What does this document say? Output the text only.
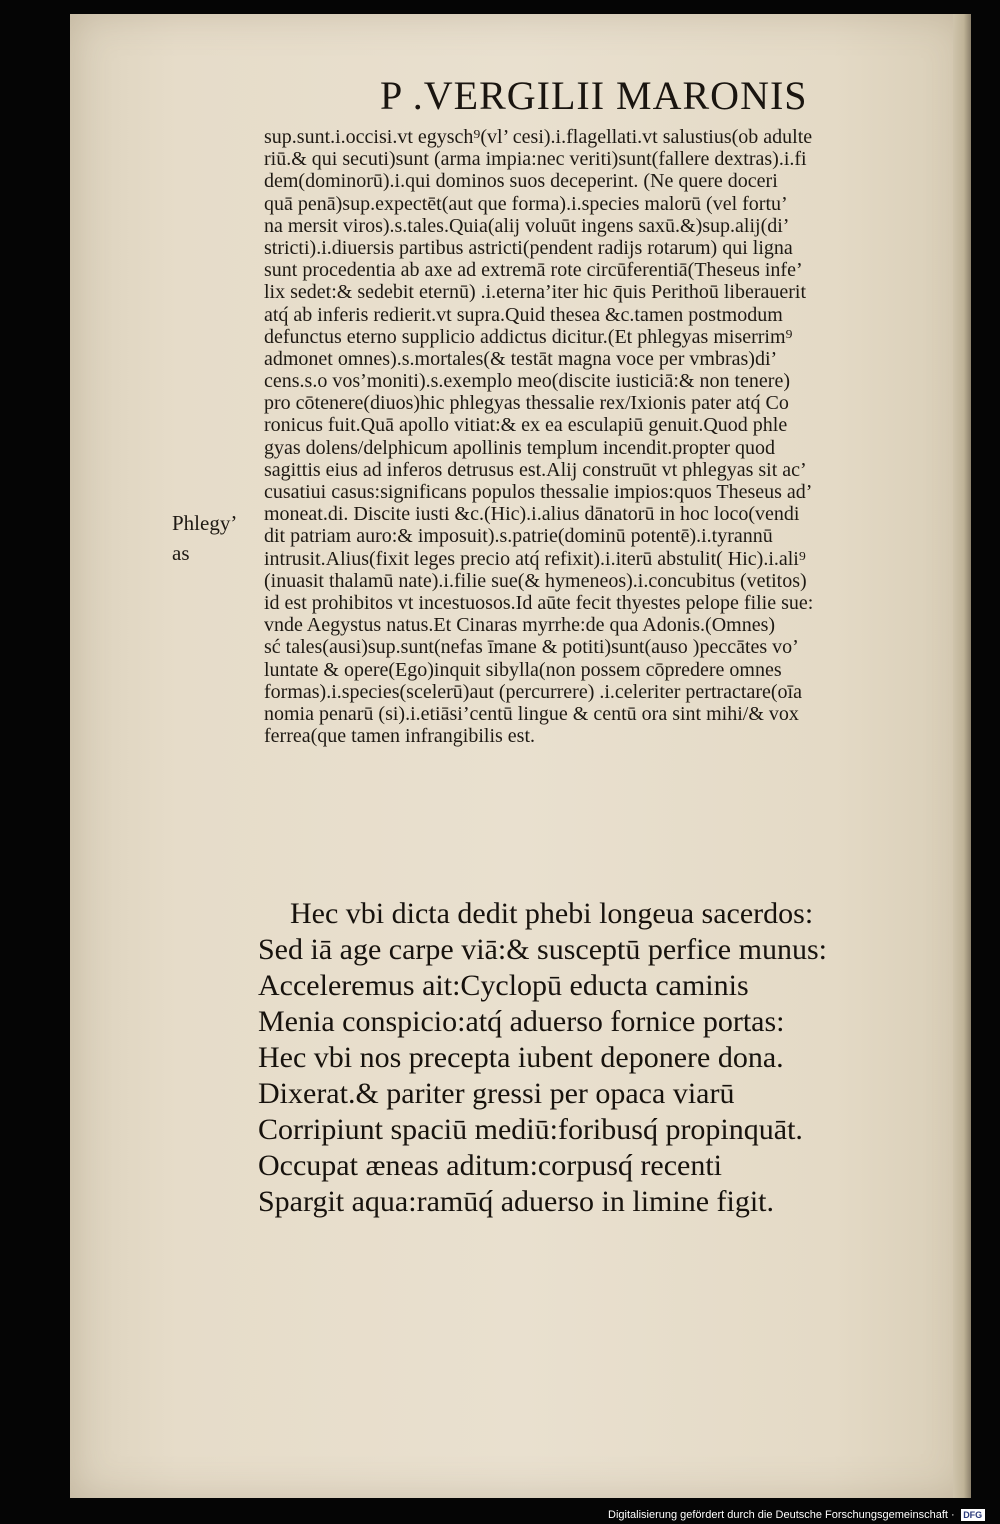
P .VERGILII MARONIS
Phlegy’
as
sup.sunt.i.occisi.vt egysch⁹(vl’ cesi).i.flagellati.vt salustius(ob adulte
riū.& qui secuti)sunt (arma impia:nec veriti)sunt(fallere dextras).i.fi
dem(dominorū).i.qui dominos suos deceperint. (Ne quere doceri
quā penā)sup.expectēt(aut que forma).i.species malorū (vel fortu’
na mersit viros).s.tales.Quia(alij voluūt ingens saxū.&)sup.alij(di’
stricti).i.diuersis partibus astricti(pendent radijs rotarum) qui ligna
sunt procedentia ab axe ad extremā rote circūferentiā(Theseus infe’
lix sedet:& sedebit eternū) .i.eterna’iter hic q̄uis Perithoū liberauerit
atq́ ab inferis redierit.vt supra.Quid thesea &c.tamen postmodum
defunctus eterno supplicio addictus dicitur.(Et phlegyas miserrim⁹
admonet omnes).s.mortales(& testāt magna voce per vmbras)di’
cens.s.o vos’moniti).s.exemplo meo(discite iusticiā:& non tenere)
pro cōtenere(diuos)hic phlegyas thessalie rex/Ixionis pater atq́ Co
ronicus fuit.Quā apollo vitiat:& ex ea esculapiū genuit.Quod phle
gyas dolens/delphicum apollinis templum incendit.propter quod
sagittis eius ad inferos detrusus est.Alij construūt vt phlegyas sit ac’
cusatiui casus:significans populos thessalie impios:quos Theseus ad’
moneat.di. Discite iusti &c.(Hic).i.alius dānatorū in hoc loco(vendi
dit patriam auro:& imposuit).s.patrie(dominū potentē).i.tyrannū
intrusit.Alius(fixit leges precio atq́ refixit).i.iterū abstulit( Hic).i.ali⁹
(inuasit thalamū nate).i.filie sue(& hymeneos).i.concubitus (vetitos)
id est prohibitos vt incestuosos.Id aūte fecit thyestes pelope filie sue:
vnde Aegystus natus.Et Cinaras myrrhe:de qua Adonis.(Omnes)
sć tales(ausi)sup.sunt(nefas īmane & potiti)sunt(auso )peccātes vo’
luntate & opere(Ego)inquit sibylla(non possem cōpredere omnes
formas).i.species(scelerū)aut (percurrere) .i.celeriter pertractare(oīa
nomia penarū (si).i.etiāsi’centū lingue & centū ora sint mihi/& vox
ferrea(que tamen infrangibilis est.
Hec vbi dicta dedit phebi longeua sacerdos:
Sed iā age carpe viā:& susceptū perfice munus:
Acceleremus ait:Cyclopū educta caminis
Menia conspicio:atq́ aduerso fornice portas:
Hec vbi nos precepta iubent deponere dona.
Dixerat.& pariter gressi per opaca viarū
Corripiunt spaciū mediū:foribusq́ propinquāt.
Occupat æneas aditum:corpusq́ recenti
Spargit aqua:ramūq́ aduerso in limine figit.
Digitalisierung gefördert durch die Deutsche Forschungsgemeinschaft · DFG
